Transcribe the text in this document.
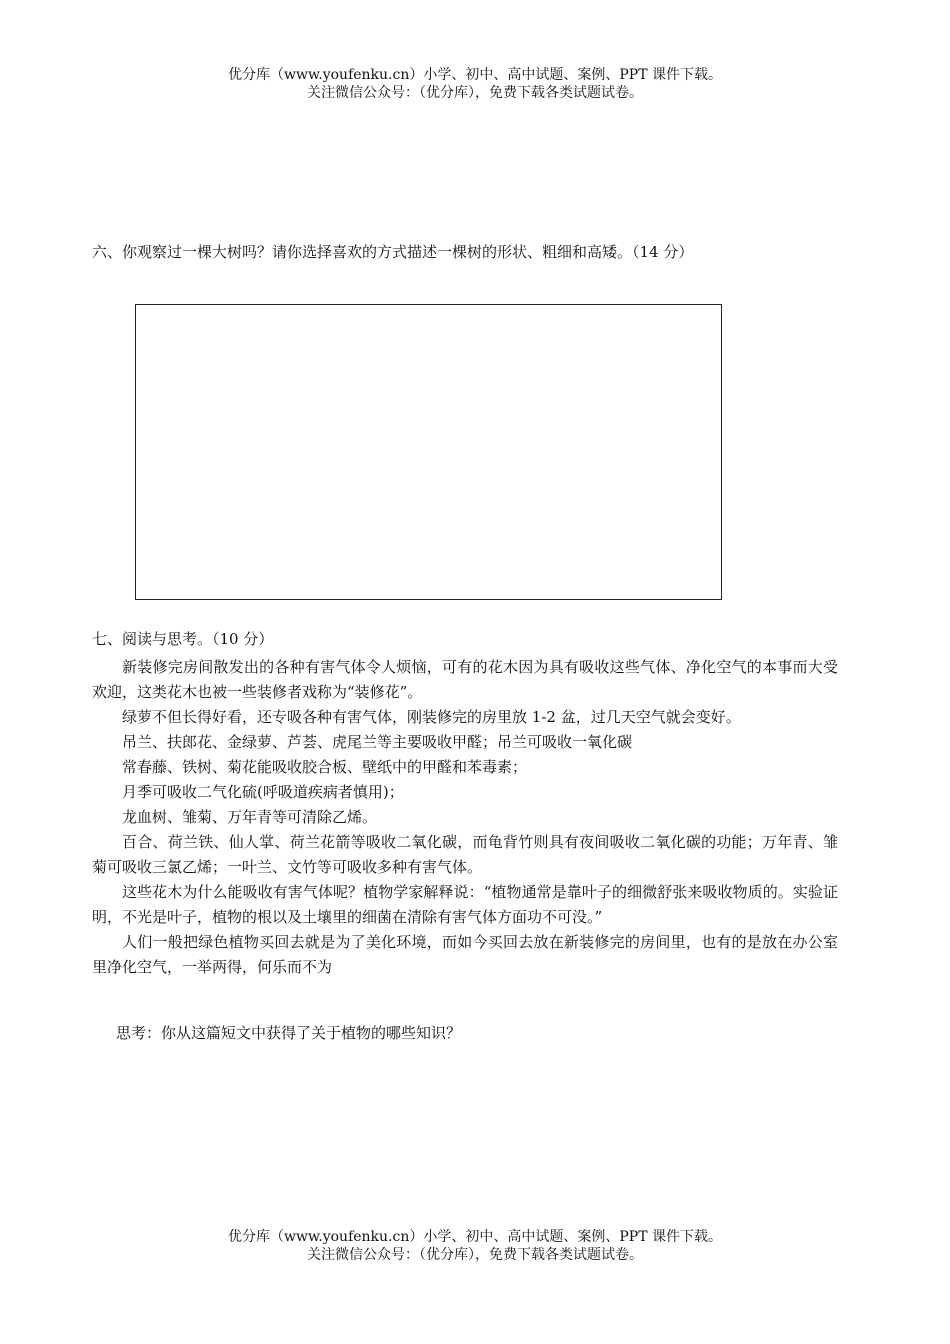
优分库（www.youfenku.cn）小学、初中、高中试题、案例、PPT 课件下载。
关注微信公众号：（优分库），免费下载各类试题试卷。
六、你观察过一棵大树吗？请你选择喜欢的方式描述一棵树的形状、粗细和高矮。（14 分）
七、阅读与思考。（10 分）

新装修完房间散发出的各种有害气体令人烦恼，可有的花木因为具有吸收这些气体、净化空气的本事而大受欢迎，这类花木也被一些装修者戏称为“装修花”。

绿萝不但长得好看，还专吸各种有害气体，刚装修完的房里放 1-2 盆，过几天空气就会变好。

吊兰、扶郎花、金绿萝、芦荟、虎尾兰等主要吸收甲醛；吊兰可吸收一氧化碳

常春藤、铁树、菊花能吸收胶合板、壁纸中的甲醛和苯毒素；

月季可吸收二气化硫(呼吸道疾病者慎用)；

龙血树、雏菊、万年青等可清除乙烯。

百合、荷兰铁、仙人掌、荷兰花箭等吸收二氧化碳，而龟背竹则具有夜间吸收二氧化碳的功能；万年青、雏菊可吸收三氯乙烯；一叶兰、文竹等可吸收多种有害气体。

这些花木为什么能吸收有害气体呢？植物学家解释说：“植物通常是靠叶子的细微舒张来吸收物质的。实验证明，不光是叶子，植物的根以及土壤里的细菌在清除有害气体方面功不可没。”

人们一般把绿色植物买回去就是为了美化环境，而如今买回去放在新装修完的房间里，也有的是放在办公室里净化空气，一举两得，何乐而不为

思考：你从这篇短文中获得了关于植物的哪些知识？
优分库（www.youfenku.cn）小学、初中、高中试题、案例、PPT 课件下载。
关注微信公众号：（优分库），免费下载各类试题试卷。
